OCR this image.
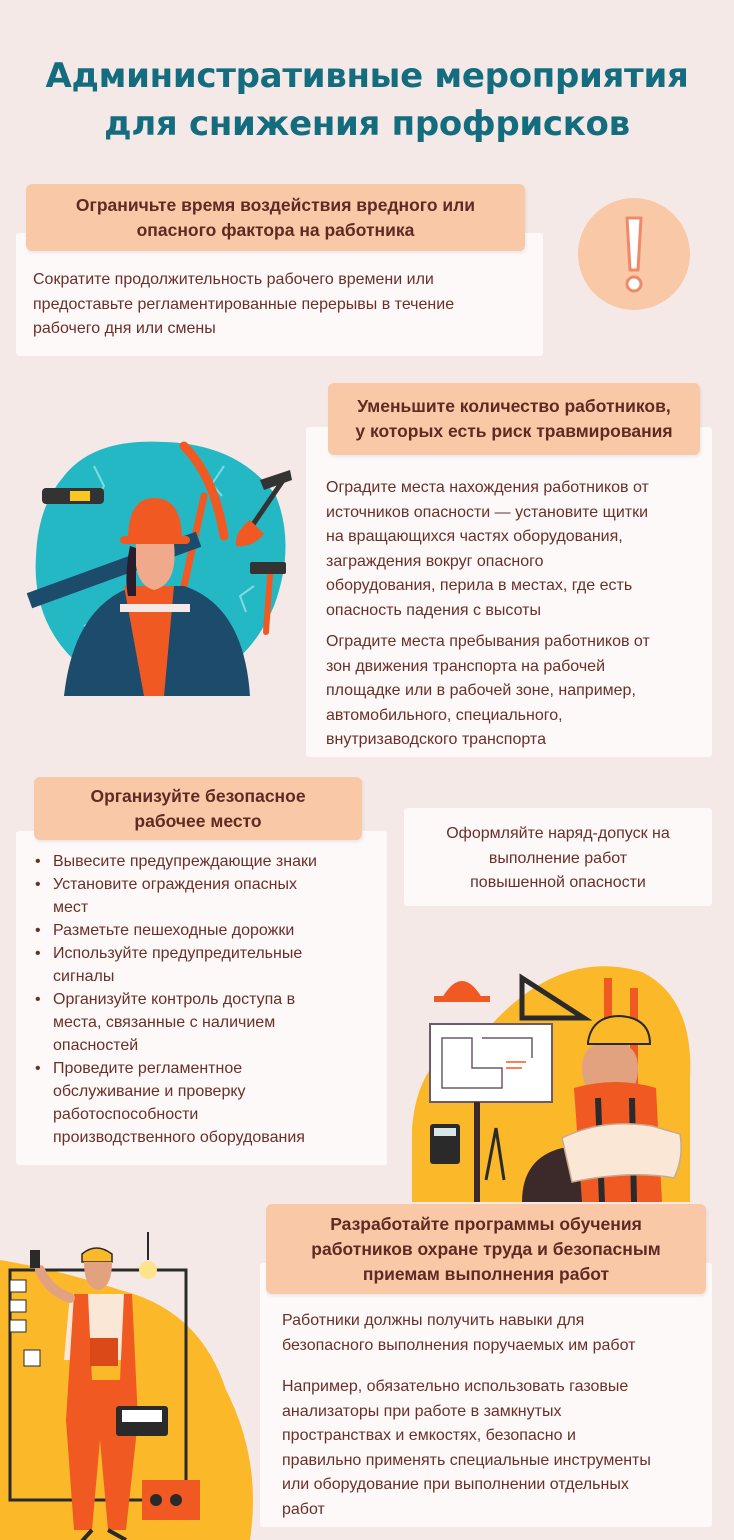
Административные мероприятия
для снижения профрисков
Ограничьте время воздействия вредного или
опасного фактора на работника
Сократите продолжительность рабочего времени или
предоставьте регламентированные перерывы в течение
рабочего дня или смены
Уменьшите количество работников,
у которых есть риск травмирования
Оградите места нахождения работников от
источников опасности — установите щитки
на вращающихся частях оборудования,
заграждения вокруг опасного
оборудования, перила в местах, где есть
опасность падения с высоты
Оградите места пребывания работников от
зон движения транспорта на рабочей
площадке или в рабочей зоне, например,
автомобильного, специального,
внутризаводского транспорта
Организуйте безопасное
рабочее место
• Вывесите предупреждающие знаки
• Установите ограждения опасных
мест
• Разметьте пешеходные дорожки
• Используйте предупредительные
сигналы
• Организуйте контроль доступа в
места, связанные с наличием
опасностей
• Проведите регламентное
обслуживание и проверку
работоспособности
производственного оборудования
Оформляйте наряд-допуск на
выполнение работ
повышенной опасности
Разработайте программы обучения
работников охране труда и безопасным
приемам выполнения работ
Работники должны получить навыки для
безопасного выполнения поручаемых им работ
Например, обязательно использовать газовые
анализаторы при работе в замкнутых
пространствах и емкостях, безопасно и
правильно применять специальные инструменты
или оборудование при выполнении отдельных
работ
